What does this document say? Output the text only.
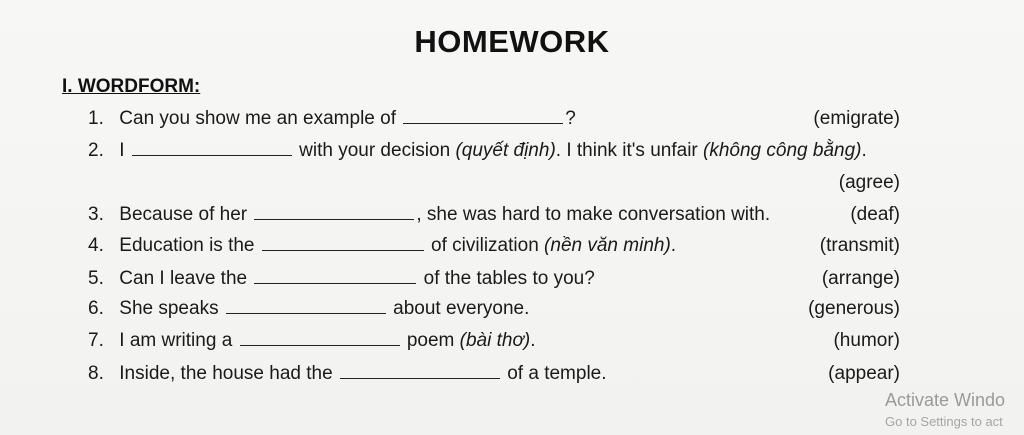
HOMEWORK
I. WORDFORM:
1. Can you show me an example of	?	(emigrate)
2. I	with your decision (quyết định). I think it's unfair (không công bằng).
(agree)
3. Because of her	, she was hard to make conversation with.	(deaf)
4. Education is the	of civilization (nền văn minh).	(transmit)
5. Can I leave the	of the tables to you?	(arrange)
6. She speaks	about everyone.	(generous)
7. I am writing a	poem (bài thơ).	(humor)
8. Inside, the house had the	of a temple.	(appear)
Activate Windo
Go to Settings to act
